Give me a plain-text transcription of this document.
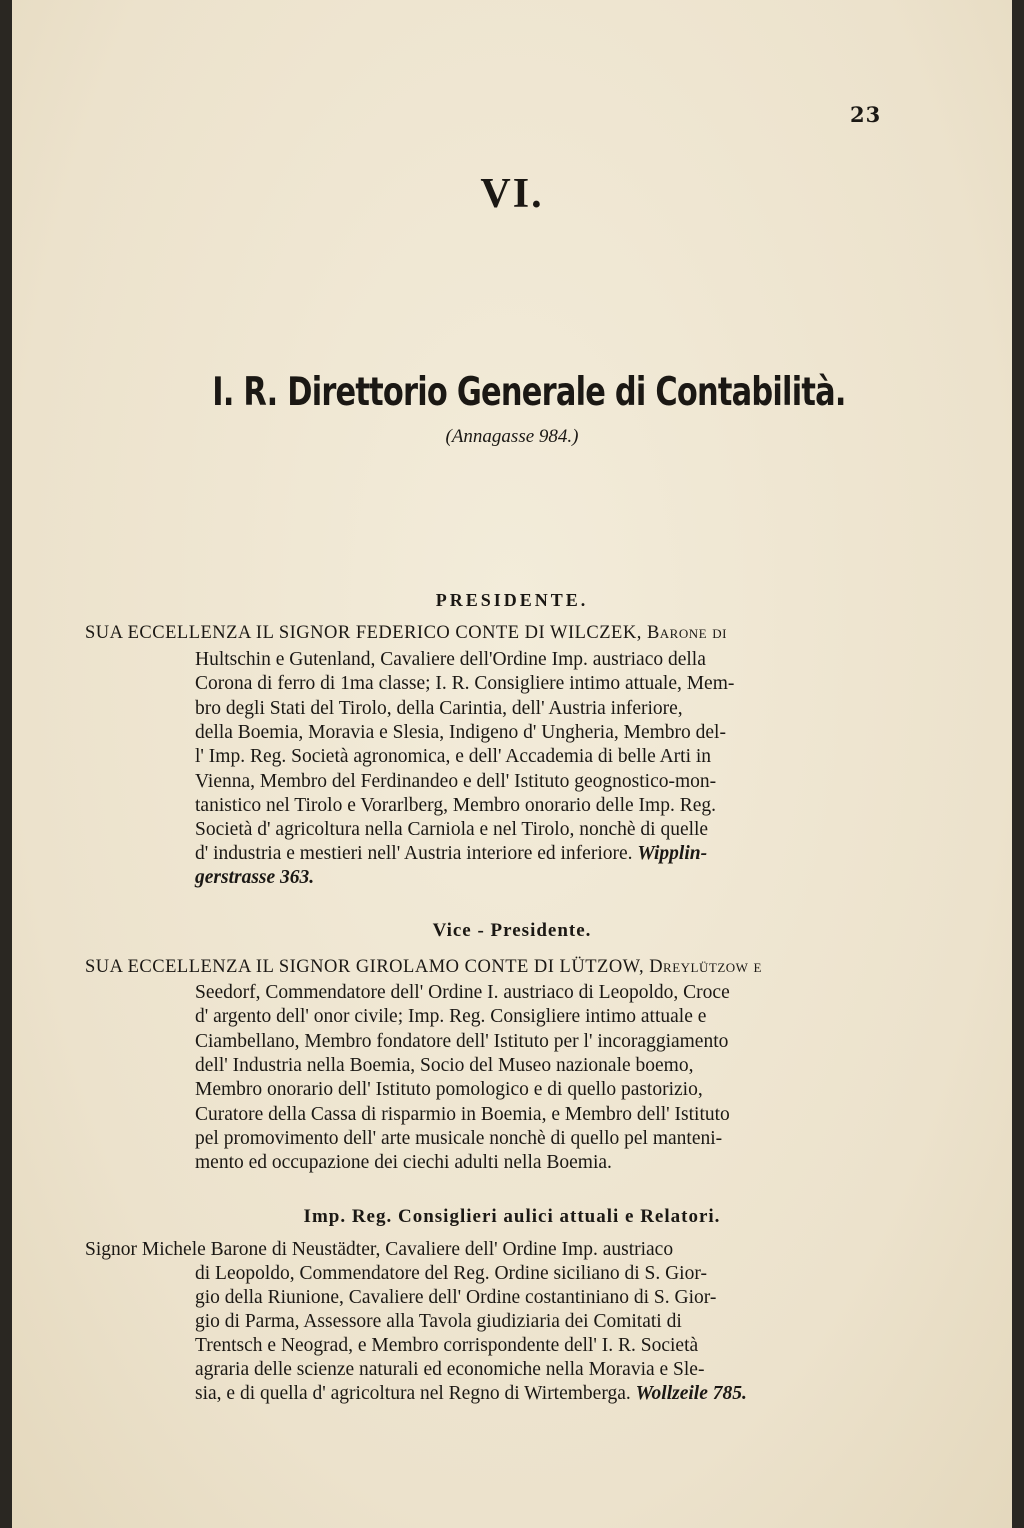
23
VI.
I. R. Direttorio Generale di Contabilità.
(Annagasse 984.)
PRESIDENTE.
SUA ECCELLENZA IL SIGNOR FEDERICO CONTE DI WILCZEK, Barone di
Hultschin e Gutenland, Cavaliere dell'Ordine Imp. austriaco della
Corona di ferro di 1ma classe; I. R. Consigliere intimo attuale, Mem-
bro degli Stati del Tirolo, della Carintia, dell' Austria inferiore,
della Boemia, Moravia e Slesia, Indigeno d' Ungheria, Membro del-
l' Imp. Reg. Società agronomica, e dell' Accademia di belle Arti in
Vienna, Membro del Ferdinandeo e dell' Istituto geognostico-mon-
tanistico nel Tirolo e Vorarlberg, Membro onorario delle Imp. Reg.
Società d' agricoltura nella Carniola e nel Tirolo, nonchè di quelle
d' industria e mestieri nell' Austria interiore ed inferiore. Wipplin-
gerstrasse 363.
Vice - Presidente.
SUA ECCELLENZA IL SIGNOR GIROLAMO CONTE DI LÜTZOW, Dreylützow e
Seedorf, Commendatore dell' Ordine I. austriaco di Leopoldo, Croce
d' argento dell' onor civile; Imp. Reg. Consigliere intimo attuale e
Ciambellano, Membro fondatore dell' Istituto per l' incoraggiamento
dell' Industria nella Boemia, Socio del Museo nazionale boemo,
Membro onorario dell' Istituto pomologico e di quello pastorizio,
Curatore della Cassa di risparmio in Boemia, e Membro dell' Istituto
pel promovimento dell' arte musicale nonchè di quello pel manteni-
mento ed occupazione dei ciechi adulti nella Boemia.
Imp. Reg. Consiglieri aulici attuali e Relatori.
Signor Michele Barone di Neustädter, Cavaliere dell' Ordine Imp. austriaco
di Leopoldo, Commendatore del Reg. Ordine siciliano di S. Gior-
gio della Riunione, Cavaliere dell' Ordine costantiniano di S. Gior-
gio di Parma, Assessore alla Tavola giudiziaria dei Comitati di
Trentsch e Neograd, e Membro corrispondente dell' I. R. Società
agraria delle scienze naturali ed economiche nella Moravia e Sle-
sia, e di quella d' agricoltura nel Regno di Wirtemberga. Wollzeile 785.
